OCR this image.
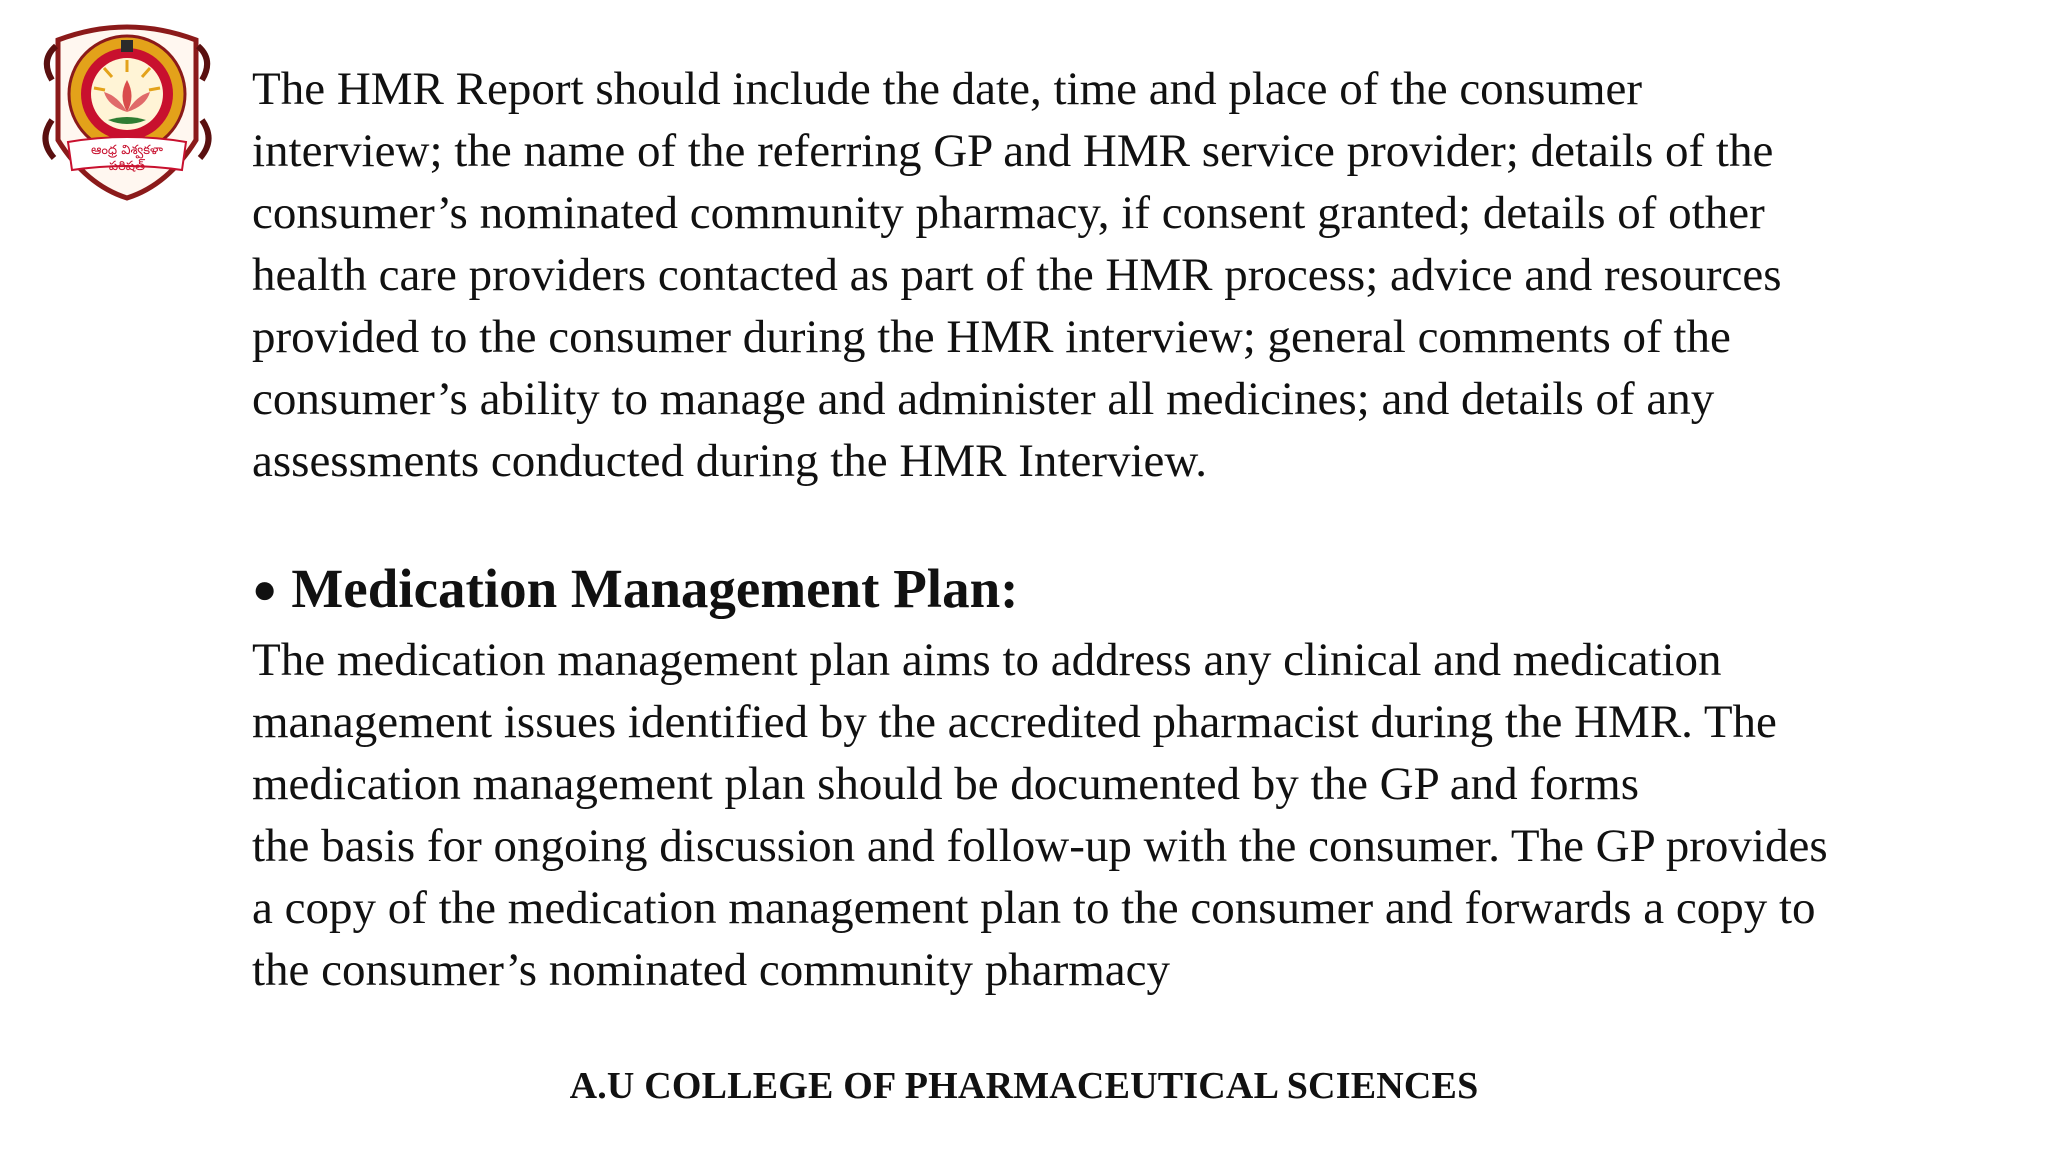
ఆంధ్ర విశ్వకళా
పరిషత్
The HMR Report should include the date, time and place of the consumer
interview; the name of the referring GP and HMR service provider; details of the
consumer’s nominated community pharmacy, if consent granted; details of other
health care providers contacted as part of the HMR process; advice and resources
provided to the consumer during the HMR interview; general comments of the
consumer’s ability to manage and administer all medicines; and details of any
assessments conducted during the HMR Interview.
● Medication Management Plan:
The medication management plan aims to address any clinical and medication
management issues identified by the accredited pharmacist during the HMR. The
medication management plan should be documented by the GP and forms
the basis for ongoing discussion and follow-up with the consumer. The GP provides
a copy of the medication management plan to the consumer and forwards a copy to
the consumer’s nominated community pharmacy
A.U COLLEGE OF PHARMACEUTICAL SCIENCES
